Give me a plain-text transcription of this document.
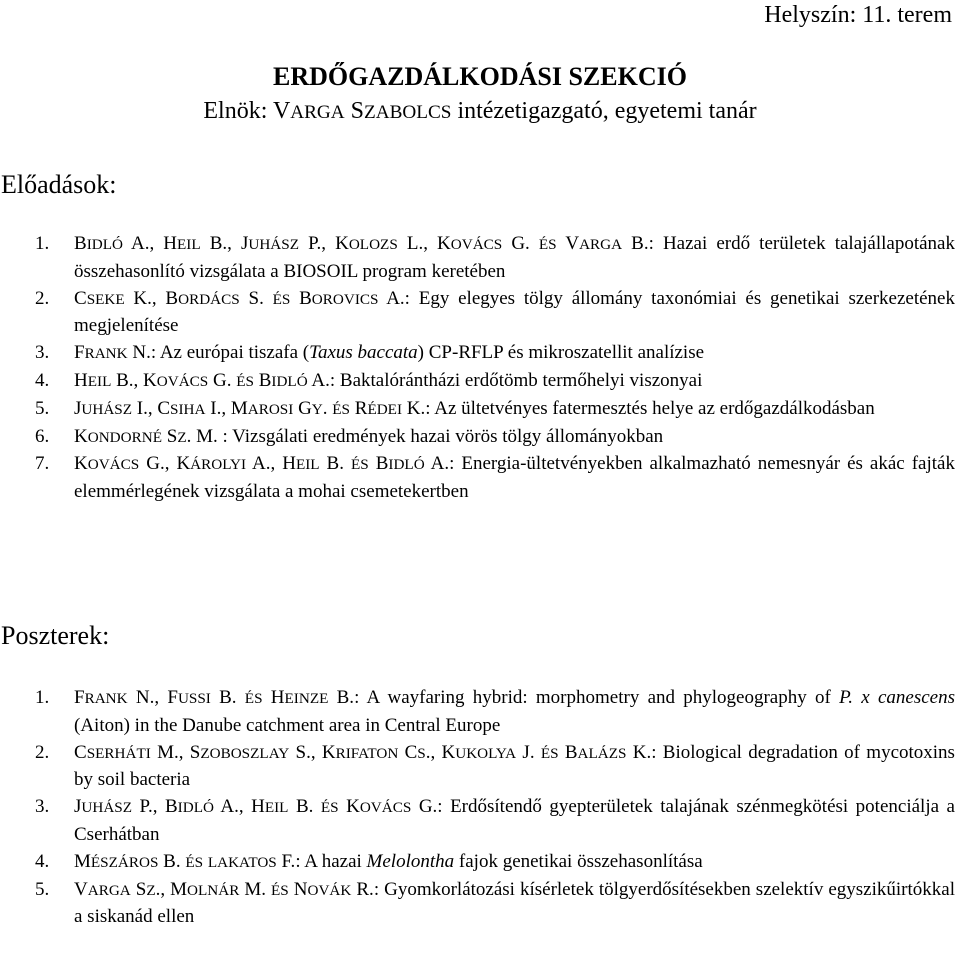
Helyszín: 11. terem
ERDŐGAZDÁLKODÁSI SZEKCIÓ
Elnök: VARGA SZABOLCS intézetigazgató, egyetemi tanár
Előadások:
1. BIDLÓ A., HEIL B., JUHÁSZ P., KOLOZS L., KOVÁCS G. ÉS VARGA B.: Hazai erdő területek talajállapotának összehasonlító vizsgálata a BIOSOIL program keretében
2. CSEKE K., BORDÁCS S. ÉS BOROVICS A.: Egy elegyes tölgy állomány taxonómiai és genetikai szerkezetének megjelenítése
3. FRANK N.: Az európai tiszafa (Taxus baccata) CP-RFLP és mikroszatellit analízise
4. HEIL B., KOVÁCS G. ÉS BIDLÓ A.: Baktalórántházi erdőtömb termőhelyi viszonyai
5. JUHÁSZ I., CSIHA I., MAROSI GY. ÉS RÉDEI K.: Az ültetvényes fatermesztés helye az erdőgazdálkodásban
6. KONDORNÉ SZ. M. : Vizsgálati eredmények hazai vörös tölgy állományokban
7. KOVÁCS G., KÁROLYI A., HEIL B. ÉS BIDLÓ A.: Energia-ültetvényekben alkalmazható nemesnyár és akác fajták elemmérlegének vizsgálata a mohai csemetekertben
Poszterek:
1. FRANK N., FUSSI B. ÉS HEINZE B.: A wayfaring hybrid: morphometry and phylogeography of P. x canescens (Aiton) in the Danube catchment area in Central Europe
2. CSERHÁTI M., SZOBOSZLAY S., KRIFATON CS., KUKOLYA J. ÉS BALÁZS K.: Biological degradation of mycotoxins by soil bacteria
3. JUHÁSZ P., BIDLÓ A., HEIL B. ÉS KOVÁCS G.: Erdősítendő gyepterületek talajának szénmegkötési potenciálja a Cserhátban
4. MÉSZÁROS B. ÉS LAKATOS F.: A hazai Melolontha fajok genetikai összehasonlítása
5. VARGA SZ., MOLNÁR M. ÉS NOVÁK R.: Gyomkorlátozási kísérletek tölgyerdősítésekben szelektív egyszikűirtókkal a siskanád ellen
